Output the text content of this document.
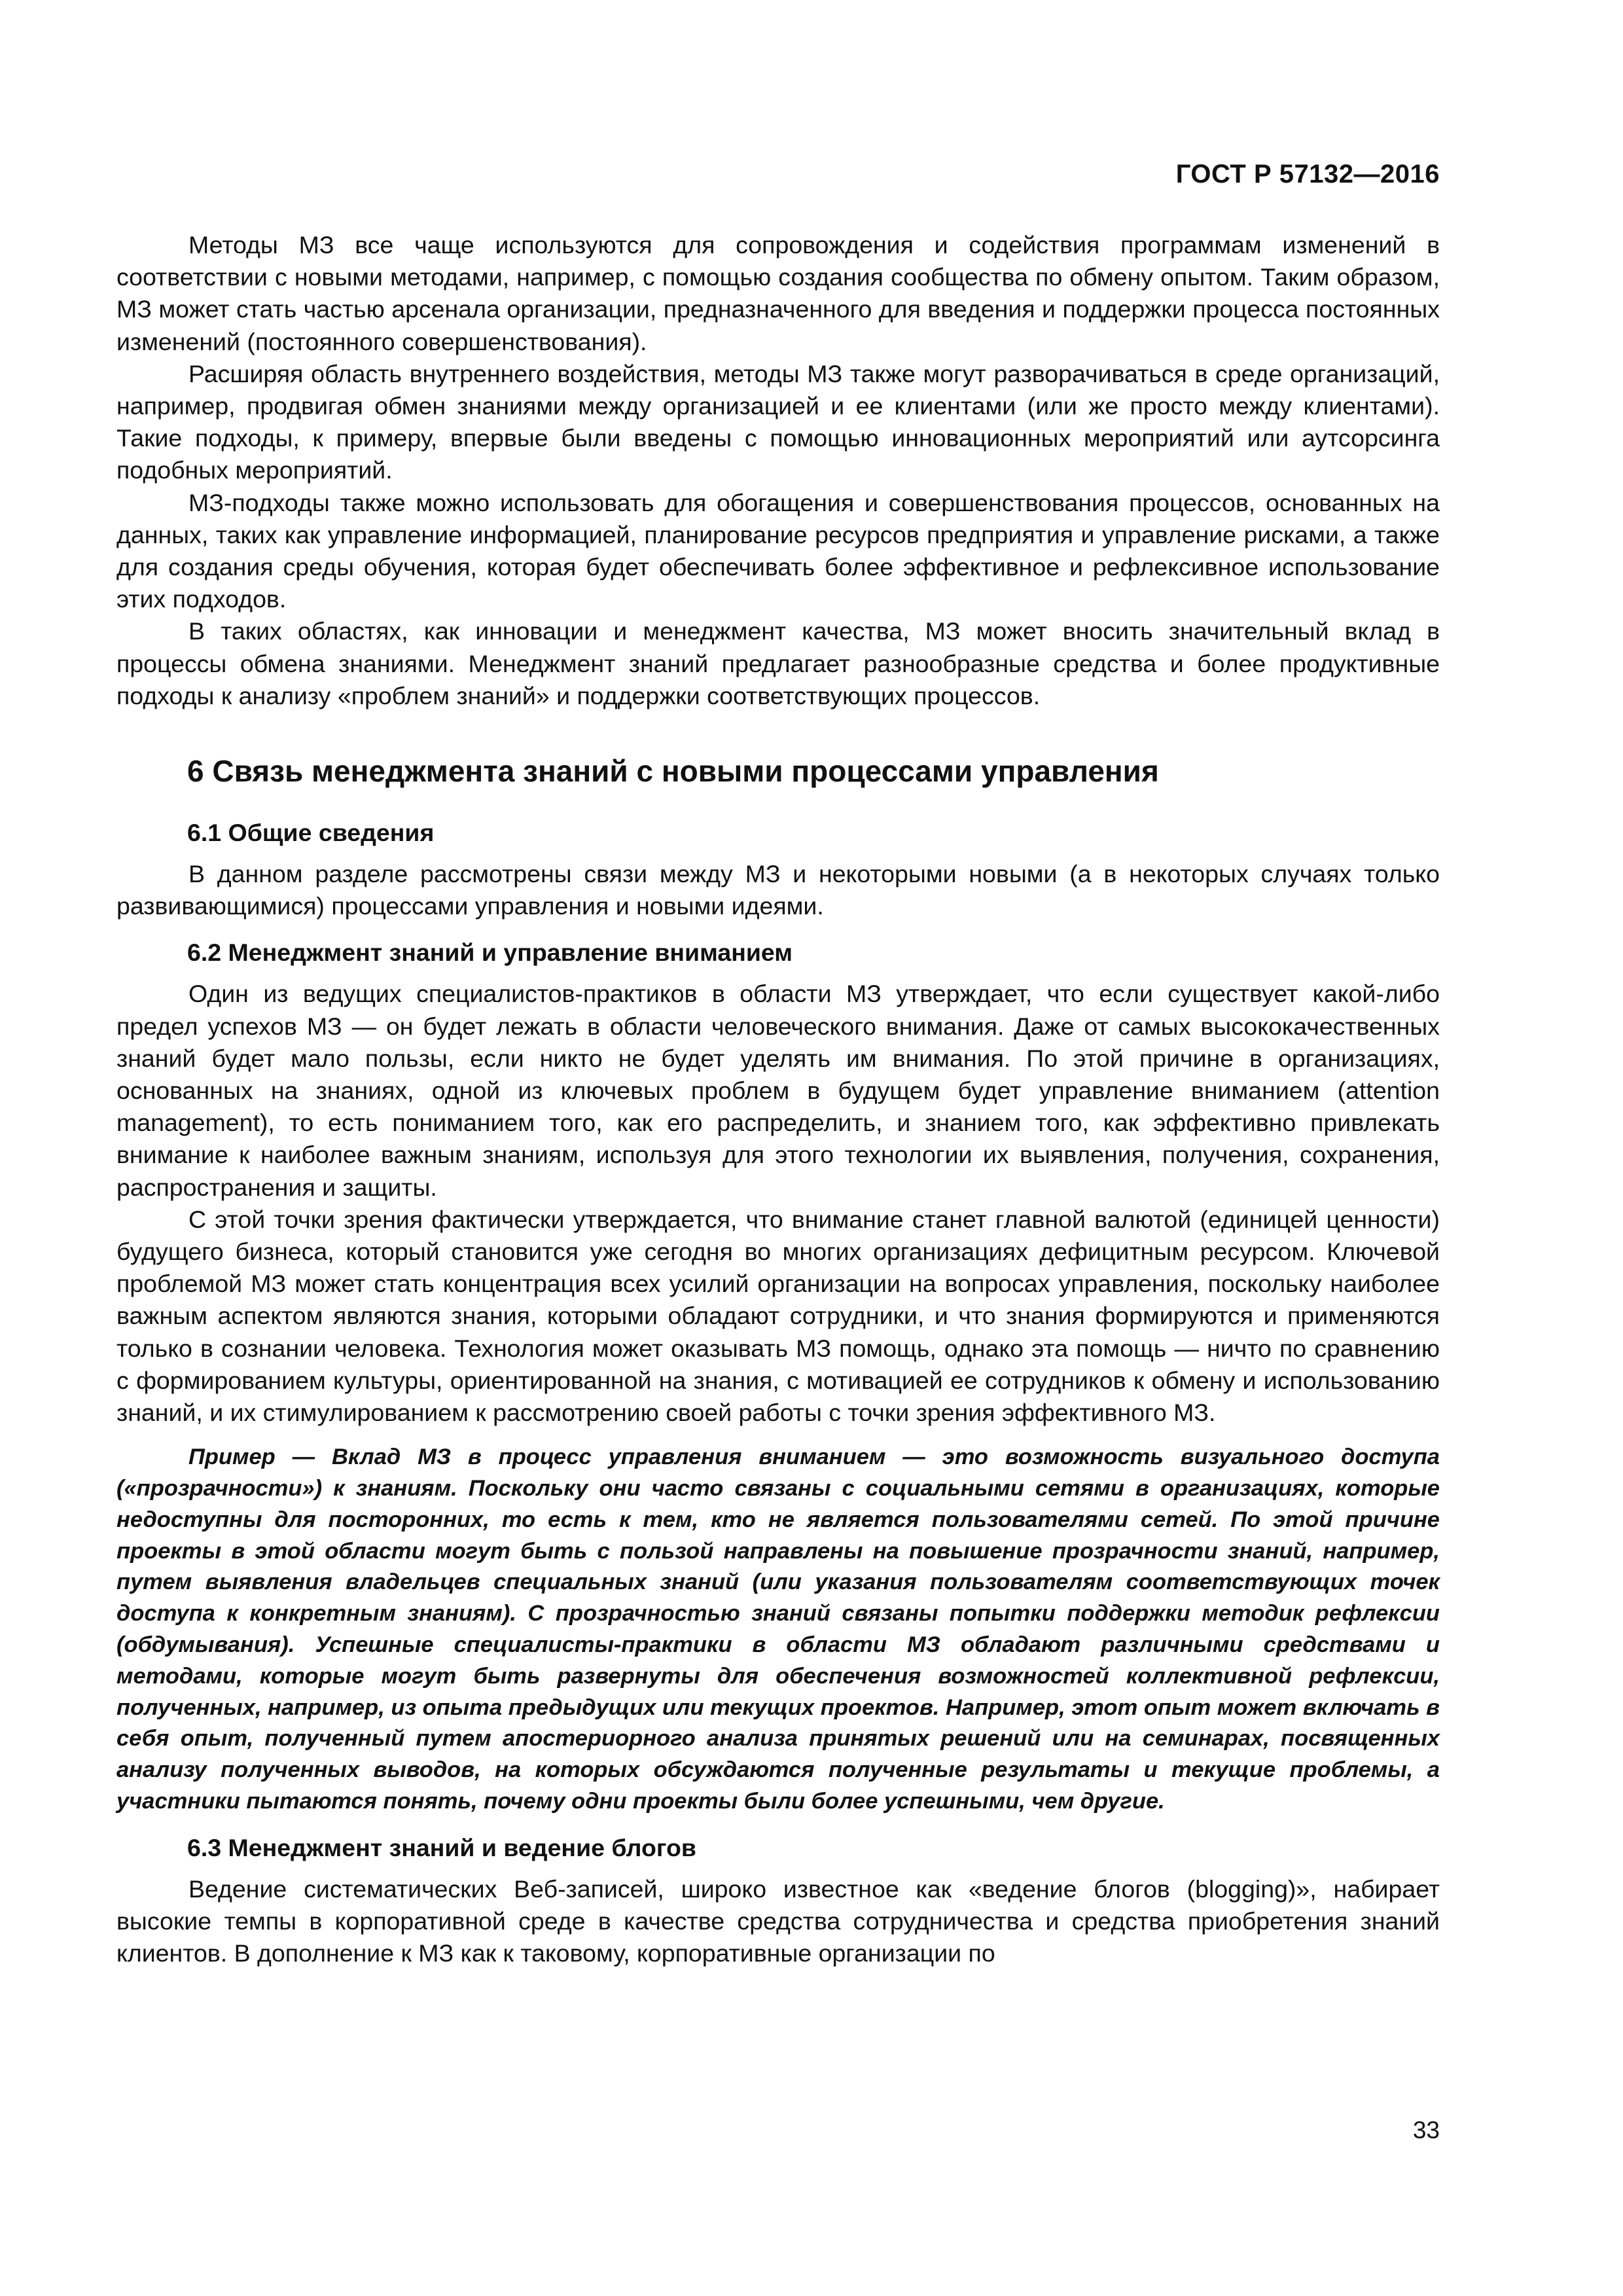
ГОСТ Р 57132—2016

Методы МЗ все чаще используются для сопровождения и содействия программам изменений в соответствии с новыми методами, например, с помощью создания сообщества по обмену опытом. Таким образом, МЗ может стать частью арсенала организации, предназначенного для введения и поддержки процесса постоянных изменений (постоянного совершенствования).

Расширяя область внутреннего воздействия, методы МЗ также могут разворачиваться в среде организаций, например, продвигая обмен знаниями между организацией и ее клиентами (или же просто между клиентами). Такие подходы, к примеру, впервые были введены с помощью инновационных мероприятий или аутсорсинга подобных мероприятий.

МЗ-подходы также можно использовать для обогащения и совершенствования процессов, основанных на данных, таких как управление информацией, планирование ресурсов предприятия и управление рисками, а также для создания среды обучения, которая будет обеспечивать более эффективное и рефлексивное использование этих подходов.

В таких областях, как инновации и менеджмент качества, МЗ может вносить значительный вклад в процессы обмена знаниями. Менеджмент знаний предлагает разнообразные средства и более продуктивные подходы к анализу «проблем знаний» и поддержки соответствующих процессов.

6 Связь менеджмента знаний с новыми процессами управления
6.1 Общие сведения

В данном разделе рассмотрены связи между МЗ и некоторыми новыми (а в некоторых случаях только развивающимися) процессами управления и новыми идеями.

6.2 Менеджмент знаний и управление вниманием

Один из ведущих специалистов-практиков в области МЗ утверждает, что если существует какой-либо предел успехов МЗ — он будет лежать в области человеческого внимания. Даже от самых высококачественных знаний будет мало пользы, если никто не будет уделять им внимания. По этой причине в организациях, основанных на знаниях, одной из ключевых проблем в будущем будет управление вниманием (attention management), то есть пониманием того, как его распределить, и знанием того, как эффективно привлекать внимание к наиболее важным знаниям, используя для этого технологии их выявления, получения, сохранения, распространения и защиты.

С этой точки зрения фактически утверждается, что внимание станет главной валютой (единицей ценности) будущего бизнеса, который становится уже сегодня во многих организациях дефицитным ресурсом. Ключевой проблемой МЗ может стать концентрация всех усилий организации на вопросах управления, поскольку наиболее важным аспектом являются знания, которыми обладают сотрудники, и что знания формируются и применяются только в сознании человека. Технология может оказывать МЗ помощь, однако эта помощь — ничто по сравнению с формированием культуры, ориентированной на знания, с мотивацией ее сотрудников к обмену и использованию знаний, и их стимулированием к рассмотрению своей работы с точки зрения эффективного МЗ.

Пример — Вклад МЗ в процесс управления вниманием — это возможность визуального доступа («прозрачности») к знаниям. Поскольку они часто связаны с социальными сетями в организациях, которые недоступны для посторонних, то есть к тем, кто не является пользователями сетей. По этой причине проекты в этой области могут быть с пользой направлены на повышение прозрачности знаний, например, путем выявления владельцев специальных знаний (или указания пользователям соответствующих точек доступа к конкретным знаниям). С прозрачностью знаний связаны попытки поддержки методик рефлексии (обдумывания). Успешные специалисты-практики в области МЗ обладают различными средствами и методами, которые могут быть развернуты для обеспечения возможностей коллективной рефлексии, полученных, например, из опыта предыдущих или текущих проектов. Например, этот опыт может включать в себя опыт, полученный путем апостериорного анализа принятых решений или на семинарах, посвященных анализу полученных выводов, на которых обсуждаются полученные результаты и текущие проблемы, а участники пытаются понять, почему одни проекты были более успешными, чем другие.
6.3 Менеджмент знаний и ведение блогов

Ведение систематических Веб-записей, широко известное как «ведение блогов (blogging)», набирает высокие темпы в корпоративной среде в качестве средства сотрудничества и средства приобретения знаний клиентов. В дополнение к МЗ как к таковому, корпоративные организации по

33
